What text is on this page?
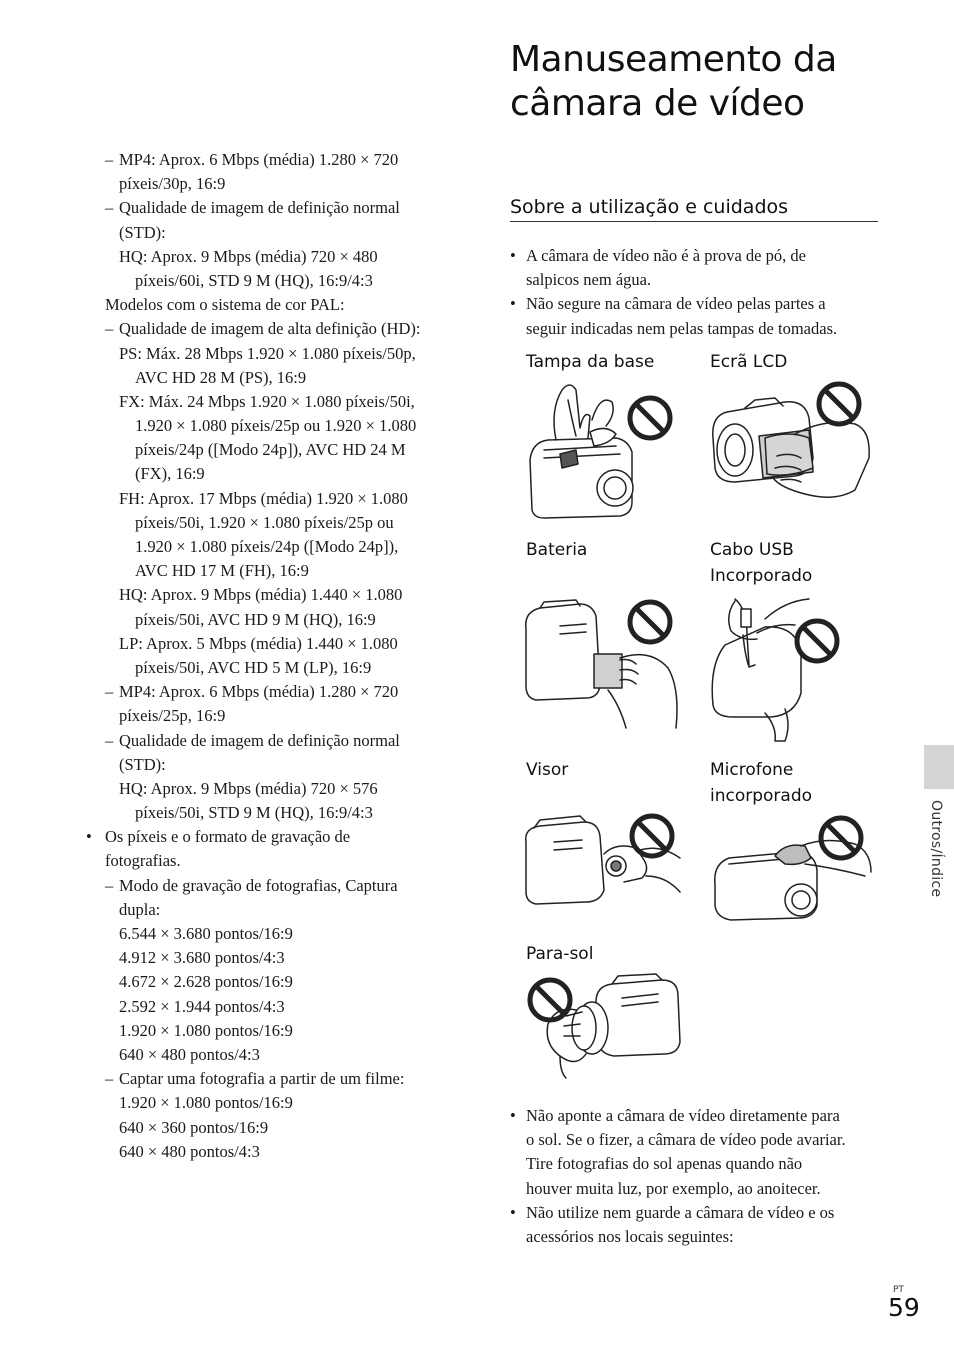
– MP4: Aprox. 6 Mbps (média) 1.280 × 720
píxeis/30p, 16:9
– Qualidade de imagem de definição normal
(STD):
HQ: Aprox. 9 Mbps (média) 720 × 480
píxeis/60i, STD 9 M (HQ), 16:9/4:3
Modelos com o sistema de cor PAL:
– Qualidade de imagem de alta definição (HD):
PS: Máx. 28 Mbps 1.920 × 1.080 píxeis/50p,
AVC HD 28 M (PS), 16:9
FX: Máx. 24 Mbps 1.920 × 1.080 píxeis/50i,
1.920 × 1.080 píxeis/25p ou 1.920 × 1.080
píxeis/24p ([Modo 24p]), AVC HD 24 M
(FX), 16:9
FH: Aprox. 17 Mbps (média) 1.920 × 1.080
píxeis/50i, 1.920 × 1.080 píxeis/25p ou
1.920 × 1.080 píxeis/24p ([Modo 24p]),
AVC HD 17 M (FH), 16:9
HQ: Aprox. 9 Mbps (média) 1.440 × 1.080
píxeis/50i, AVC HD 9 M (HQ), 16:9
LP: Aprox. 5 Mbps (média) 1.440 × 1.080
píxeis/50i, AVC HD 5 M (LP), 16:9
– MP4: Aprox. 6 Mbps (média) 1.280 × 720
píxeis/25p, 16:9
– Qualidade de imagem de definição normal
(STD):
HQ: Aprox. 9 Mbps (média) 720 × 576
píxeis/50i, STD 9 M (HQ), 16:9/4:3
• Os píxeis e o formato de gravação de
fotografias.
– Modo de gravação de fotografias, Captura
dupla:
6.544 × 3.680 pontos/16:9
4.912 × 3.680 pontos/4:3
4.672 × 2.628 pontos/16:9
2.592 × 1.944 pontos/4:3
1.920 × 1.080 pontos/16:9
640 × 480 pontos/4:3
– Captar uma fotografia a partir de um filme:
1.920 × 1.080 pontos/16:9
640 × 360 pontos/16:9
640 × 480 pontos/4:3
Manuseamento da
câmara de vídeo
Sobre a utilização e cuidados
• A câmara de vídeo não é à prova de pó, de
salpicos nem água.
• Não segure na câmara de vídeo pelas partes a
seguir indicadas nem pelas tampas de tomadas.
Tampa da base	Ecrã LCD
Bateria	Cabo USB
Incorporado
Visor	Microfone
incorporado
Para-sol
• Não aponte a câmara de vídeo diretamente para
o sol. Se o fizer, a câmara de vídeo pode avariar.
Tire fotografias do sol apenas quando não
houver muita luz, por exemplo, ao anoitecer.
• Não utilize nem guarde a câmara de vídeo e os
acessórios nos locais seguintes:
Outros/Índice
PT
59
